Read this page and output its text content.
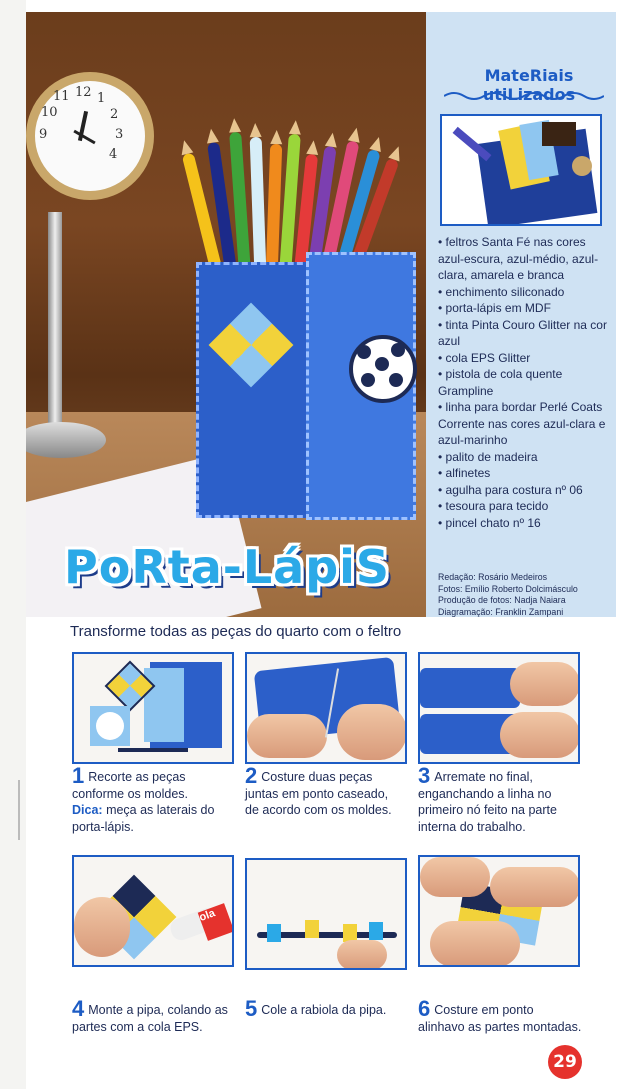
12 1
2
3
4
9
10
11
PoRta-LápiS
MateRiais utiLizados
• feltros Santa Fé nas cores azul-escura, azul-médio, azul-clara, amarela e branca
• enchimento siliconado
• porta-lápis em MDF
• tinta Pinta Couro Glitter na cor azul
• cola EPS Glitter
• pistola de cola quente Grampline
• linha para bordar Perlé Coats Corrente nas cores azul-clara e azul-marinho
• palito de madeira
• alfinetes
• agulha para costura nº 06
• tesoura para tecido
• pincel chato nº 16
Redação: Rosário Medeiros
Fotos: Emílio Roberto Dolcimásculo
Produção de fotos: Nadja Naiara
Diagramação: Franklin Zampani
Transforme todas as peças do quarto com o feltro
1 Recorte as peças conforme os moldes.
Dica: meça as laterais do porta-lápis.
2 Costure duas peças juntas em ponto caseado, de acordo com os moldes.
3 Arremate no final, enganchando a linha no primeiro nó feito na parte interna do trabalho.
ola
4 Monte a pipa, colando as partes com a cola EPS.
5 Cole a rabiola da pipa.	6 Costure em ponto alinhavo as partes montadas.
29
